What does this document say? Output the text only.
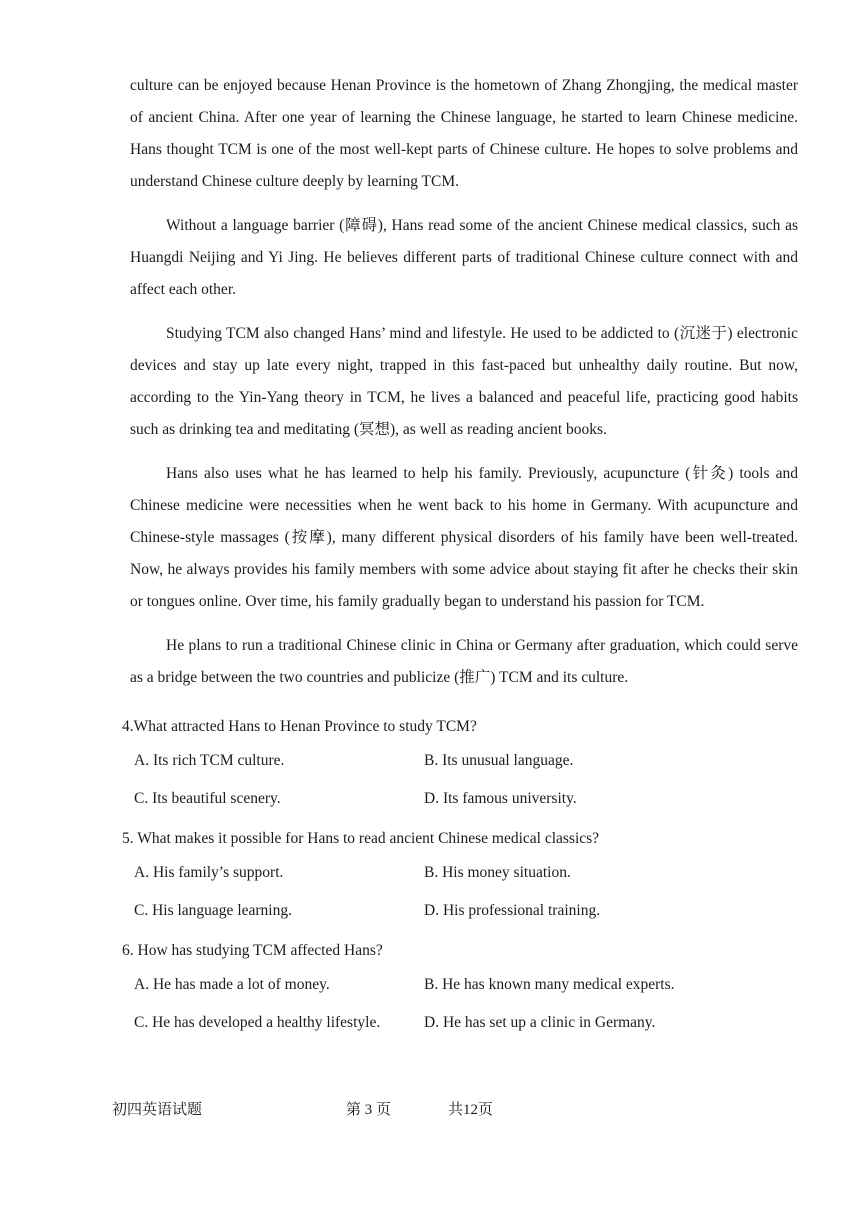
culture can be enjoyed because Henan Province is the hometown of Zhang Zhongjing, the medical master of ancient China. After one year of learning the Chinese language, he started to learn Chinese medicine. Hans thought TCM is one of the most well-kept parts of Chinese culture. He hopes to solve problems and understand Chinese culture deeply by learning TCM.

Without a language barrier (障碍), Hans read some of the ancient Chinese medical classics, such as Huangdi Neijing and Yi Jing. He believes different parts of traditional Chinese culture connect with and affect each other.

Studying TCM also changed Hans’ mind and lifestyle. He used to be addicted to (沉迷于) electronic devices and stay up late every night, trapped in this fast-paced but unhealthy daily routine. But now, according to the Yin-Yang theory in TCM, he lives a balanced and peaceful life, practicing good habits such as drinking tea and meditating (冥想), as well as reading ancient books.

Hans also uses what he has learned to help his family. Previously, acupuncture (针灸) tools and Chinese medicine were necessities when he went back to his home in Germany. With acupuncture and Chinese-style massages (按摩), many different physical disorders of his family have been well-treated. Now, he always provides his family members with some advice about staying fit after he checks their skin or tongues online. Over time, his family gradually began to understand his passion for TCM.

He plans to run a traditional Chinese clinic in China or Germany after graduation, which could serve as a bridge between the two countries and publicize (推广) TCM and its culture.

4.What attracted Hans to Henan Province to study TCM?
A. Its rich TCM culture.	B. Its unusual language.
C. Its beautiful scenery.	D. Its famous university.
5. What makes it possible for Hans to read ancient Chinese medical classics?
A. His family’s support.	B. His money situation.
C. His language learning.	D. His professional training.
6. How has studying TCM affected Hans?
A. He has made a lot of money.	B. He has known many medical experts.
C. He has developed a healthy lifestyle.	D. He has set up a clinic in Germany.
初四英语试题	第 3 页	共12页
